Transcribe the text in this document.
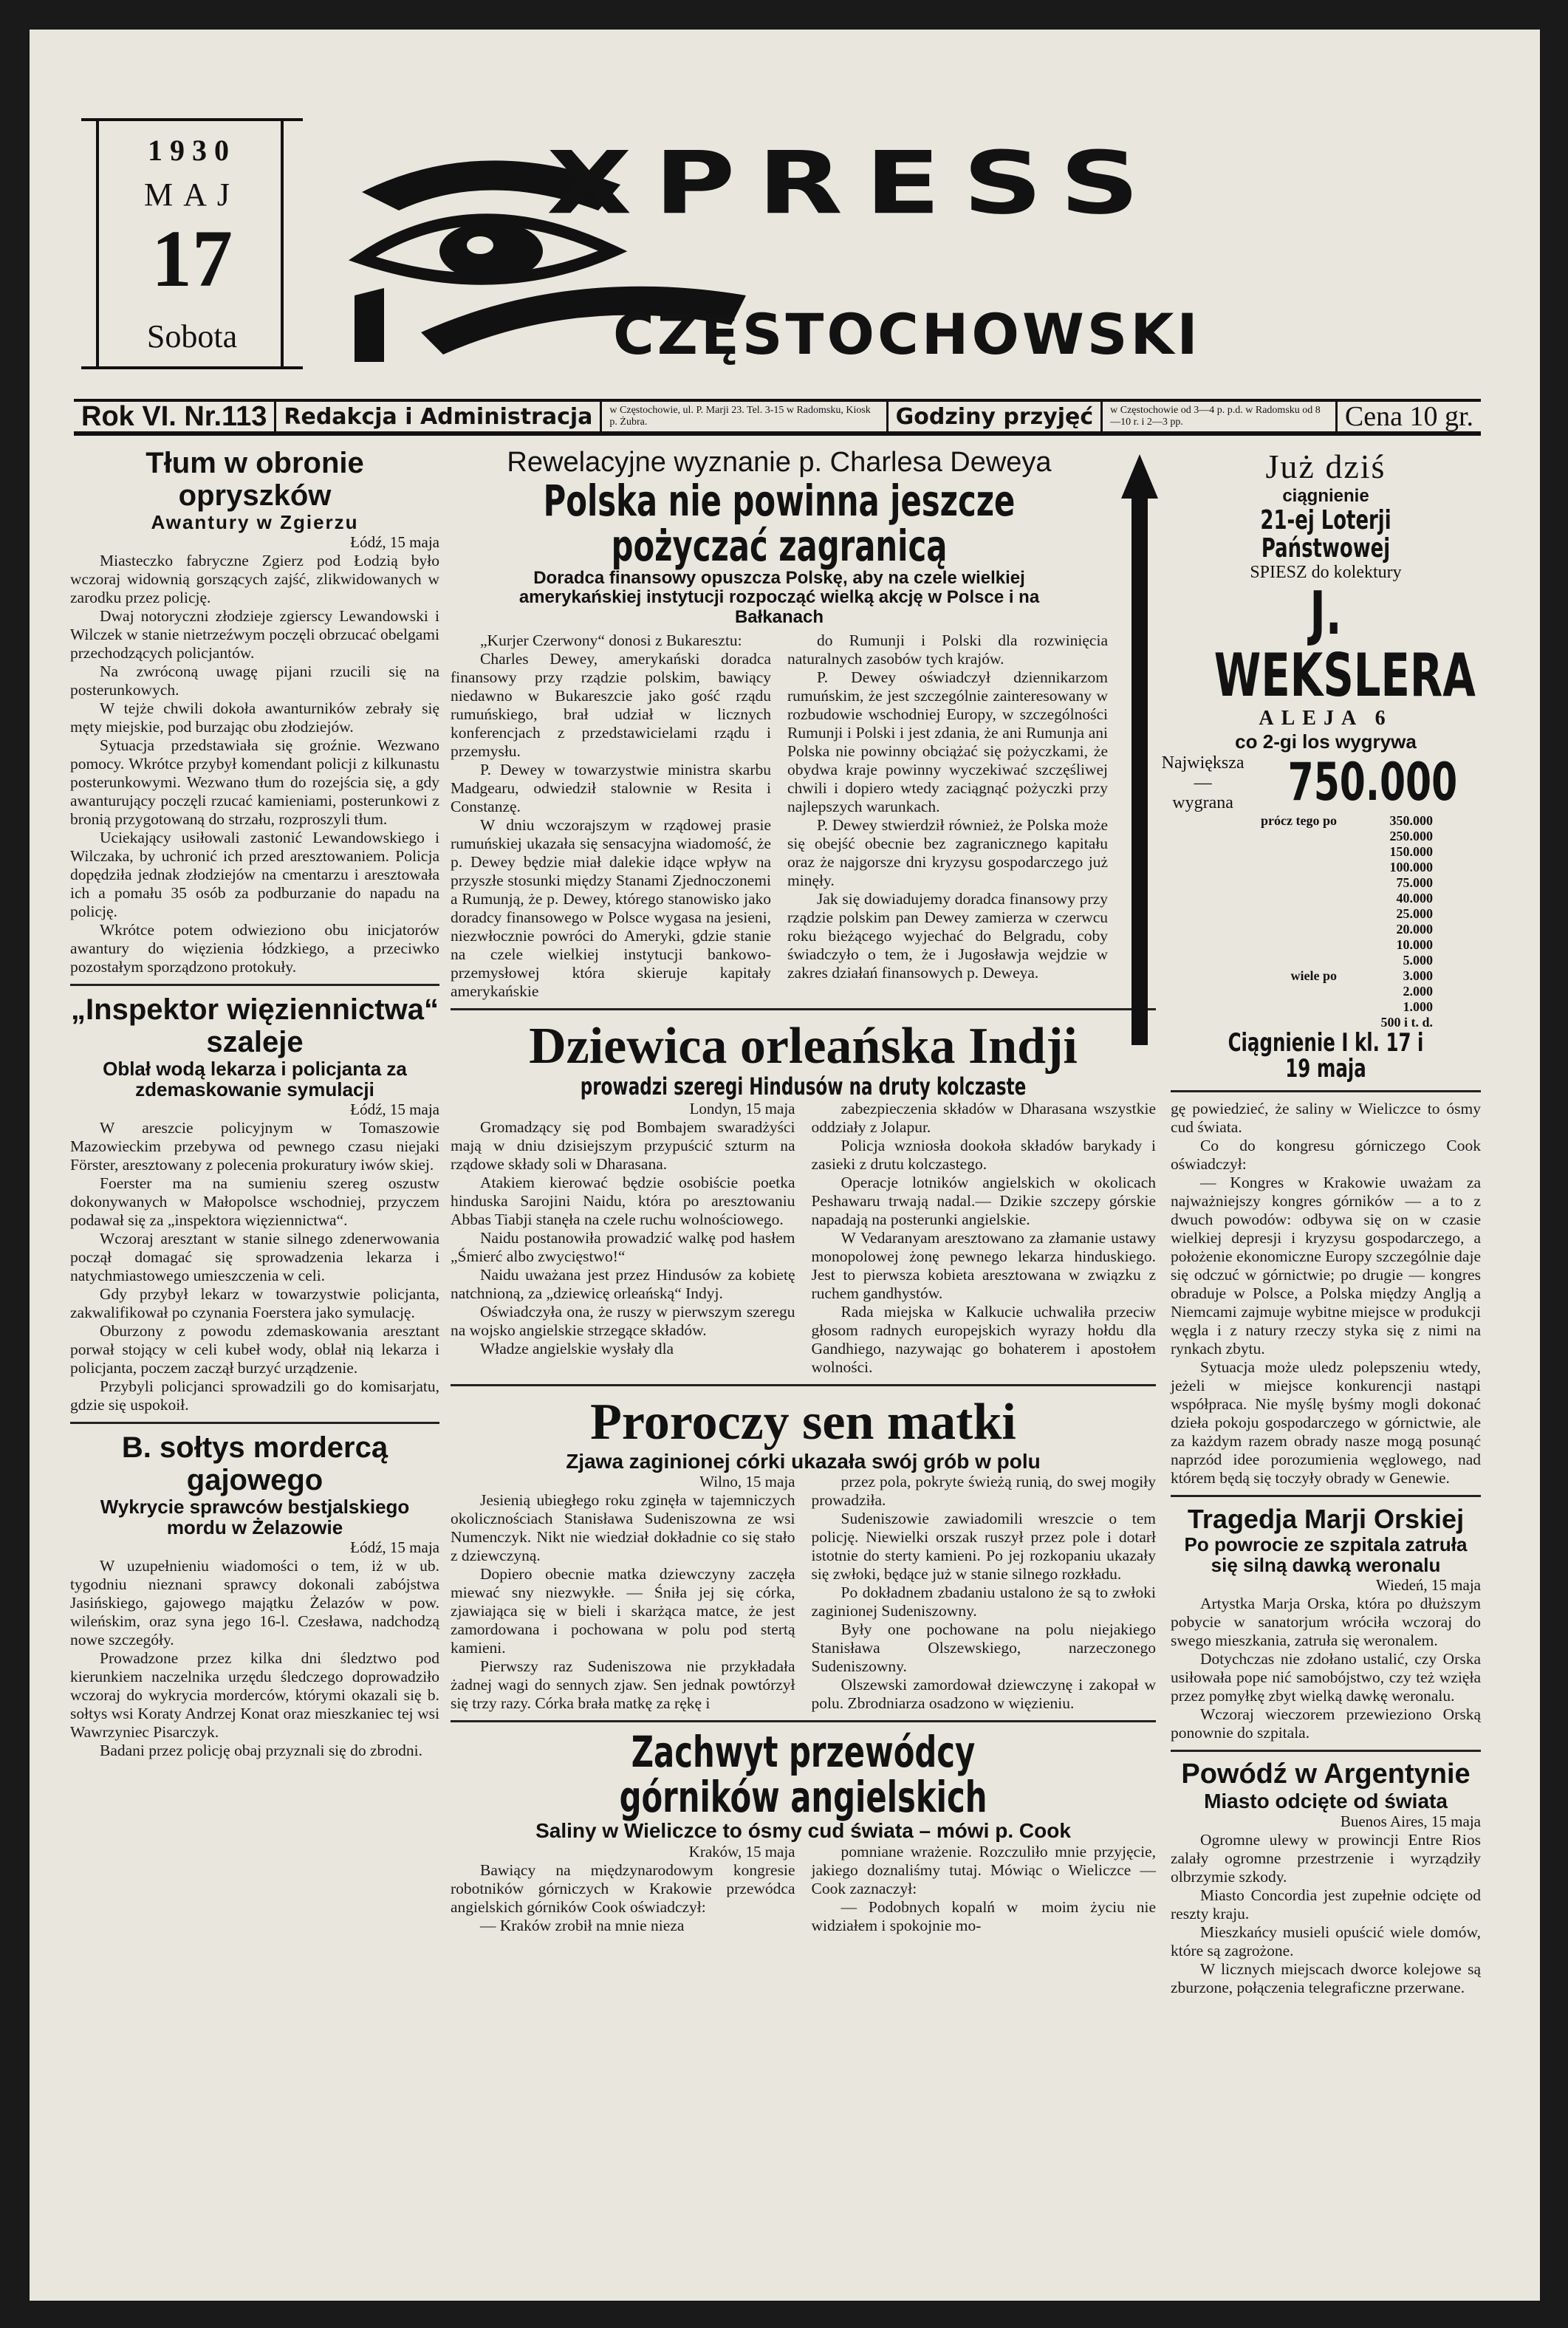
1930
MAJ
17
Sobota
XPRESS
CZĘSTOCHOWSKI
Rok VI. Nr.113 Redakcja i Administracja	w Częstochowie, ul. P. Marji 23. Tel. 3-15 w Radomsku, Kiosk p. Żubra.	Godziny przyjęć	w Częstochowie od 3—4 p. p.d. w Radomsku od 8—10 r. i 2—3 pp.	Cena 10 gr.
Tłum w obronie opryszków
Awantury w Zgierzu
Łódź, 15 maja

Miasteczko fabryczne Zgierz pod Łodzią było wczoraj widownią gorszących zajść, zlikwidowanych w zarodku przez policję.

Dwaj notoryczni złodzieje zgierscy Lewandowski i Wilczek w stanie nietrzeźwym poczęli obrzucać obelgami przechodzących policjantów.

Na zwróconą uwagę pijani rzucili się na posterunkowych.

W tejże chwili dokoła awanturników zebrały się męty miejskie, pod burzając obu złodziejów.

Sytuacja przedstawiała się groźnie. Wezwano pomocy. Wkrótce przybył komendant policji z kilkunastu posterunkowymi. Wezwano tłum do rozejścia się, a gdy awanturujący poczęli rzucać kamieniami, posterunkowi z bronią przygotowaną do strzału, rozproszyli tłum.

Uciekający usiłowali zastonić Lewandowskiego i Wilczaka, by uchronić ich przed aresztowaniem. Policja dopędziła jednak złodziejów na cmentarzu i aresztowała ich a pomału 35 osób za podburzanie do napadu na policję.

Wkrótce potem odwieziono obu inicjatorów awantury do więzienia łódzkiego, a przeciwko pozostałym sporządzono protokuły.

„Inspektor więziennictwa“ szaleje
Oblał wodą lekarza i policjanta za zdemaskowanie symulacji
Łódź, 15 maja

W areszcie policyjnym w Tomaszowie Mazowieckim przebywa od pewnego czasu niejaki Förster, aresztowany z polecenia prokuratury iwów skiej.

Foerster ma na sumieniu szereg oszustw dokonywanych w Małopolsce wschodniej, przyczem podawał się za „inspektora więziennictwa“.

Wczoraj aresztant w stanie silnego zdenerwowania począł domagać się sprowadzenia lekarza i natychmiastowego umieszczenia w celi.

Gdy przybył lekarz w towarzystwie policjanta, zakwalifikował po czynania Foerstera jako symulację.

Oburzony z powodu zdemaskowania aresztant porwał stojący w celi kubeł wody, oblał nią lekarza i policjanta, poczem zaczął burzyć urządzenie.

Przybyli policjanci sprowadzili go do komisarjatu, gdzie się uspokoił.

B. sołtys mordercą gajowego
Wykrycie sprawców bestjalskiego mordu w Żelazowie
Łódź, 15 maja

W uzupełnieniu wiadomości o tem, iż w ub. tygodniu nieznani sprawcy dokonali zabójstwa Jasińskiego, gajowego majątku Żelazów w pow. wileńskim, oraz syna jego 16-l. Czesława, nadchodzą nowe szczegóły.

Prowadzone przez kilka dni śledztwo pod kierunkiem naczelnika urzędu śledczego doprowadziło wczoraj do wykrycia morderców, którymi okazali się b. sołtys wsi Koraty Andrzej Konat oraz mieszkaniec tej wsi Wawrzyniec Pisarczyk.

Badani przez policję obaj przyznali się do zbrodni.

Rewelacyjne wyznanie p. Charlesa Deweya
Polska nie powinna jeszcze pożyczać zagranicą
Doradca finansowy opuszcza Polskę, aby na czele wielkiej amerykańskiej instytucji rozpocząć wielką akcję w Polsce i na Bałkanach

„Kurjer Czerwony“ donosi z Bukaresztu:

Charles Dewey, amerykański doradca finansowy przy rządzie polskim, bawiący niedawno w Bukareszcie jako gość rządu rumuńskiego, brał udział w licznych konferencjach z przedstawicielami rządu i przemysłu.

P. Dewey w towarzystwie ministra skarbu Madgearu, odwiedził stalownie w Resita i Constanzę.

W dniu wczorajszym w rządowej prasie rumuńskiej ukazała się sensacyjna wiadomość, że p. Dewey będzie miał dalekie idące wpływ na przyszłe stosunki między Stanami Zjednoczonemi a Rumunją, że p. Dewey, którego stanowisko jako doradcy finansowego w Polsce wygasa na jesieni, niezwłocznie powróci do Ameryki, gdzie stanie na czele wielkiej instytucji bankowo-przemysłowej która skieruje kapitały amerykańskie

do Rumunji i Polski dla rozwinięcia naturalnych zasobów tych krajów.

P. Dewey oświadczył dziennikarzom rumuńskim, że jest szczególnie zainteresowany w rozbudowie wschodniej Europy, w szczególności Rumunji i Polski i jest zdania, że ani Rumunja ani Polska nie powinny obciążać się pożyczkami, że obydwa kraje powinny wyczekiwać szczęśliwej chwili i dopiero wtedy zaciągnąć pożyczki przy najlepszych warunkach.

P. Dewey stwierdził również, że Polska może się obejść obecnie bez zagranicznego kapitału oraz że najgorsze dni kryzysu gospodarczego już minęły.

Jak się dowiadujemy doradca finansowy przy rządzie polskim pan Dewey zamierza w czerwcu roku bieżącego wyjechać do Belgradu, coby świadczyło o tem, że i Jugosławja wejdzie w zakres działań finansowych p. Deweya.

Dziewica orleańska Indji
prowadzi szeregi Hindusów na druty kolczaste
Londyn, 15 maja

Gromadzący się pod Bombajem swaradżyści mają w dniu dzisiejszym przypuścić szturm na rządowe składy soli w Dharasana.

Atakiem kierować będzie osobiście poetka hinduska Sarojini Naidu, która po aresztowaniu Abbas Tiabji stanęła na czele ruchu wolnościowego.

Naidu postanowiła prowadzić walkę pod hasłem „Śmierć albo zwycięstwo!“

Naidu uważana jest przez Hindusów za kobietę natchnioną, za „dziewicę orleańską“ Indyj.

Oświadczyła ona, że ruszy w pierwszym szeregu na wojsko angielskie strzegące składów.

Władze angielskie wysłały dla

zabezpieczenia składów w Dharasana wszystkie oddziały z Jolapur.

Policja wzniosła dookoła składów barykady i zasieki z drutu kolczastego.

Operacje lotników angielskich w okolicach Peshawaru trwają nadal.— Dzikie szczepy górskie napadają na posterunki angielskie.

W Vedaranyam aresztowano za złamanie ustawy monopolowej żonę pewnego lekarza hinduskiego. Jest to pierwsza kobieta aresztowana w związku z ruchem gandhystów.

Rada miejska w Kalkucie uchwaliła przeciw głosom radnych europejskich wyrazy hołdu dla Gandhiego, nazywając go bohaterem i apostołem wolności.

Proroczy sen matki
Zjawa zaginionej córki ukazała swój grób w polu
Wilno, 15 maja

Jesienią ubiegłego roku zginęła w tajemniczych okolicznościach Stanisława Sudeniszowna ze wsi Numenczyk. Nikt nie wiedział dokładnie co się stało z dziewczyną.

Dopiero obecnie matka dziewczyny zaczęła miewać sny niezwykłe. — Śniła jej się córka, zjawiająca się w bieli i skarżąca matce, że jest zamordowana i pochowana w polu pod stertą kamieni.

Pierwszy raz Sudeniszowa nie przykładała żadnej wagi do sennych zjaw. Sen jednak powtórzył się trzy razy. Córka brała matkę za rękę i

przez pola, pokryte świeżą runią, do swej mogiły prowadziła.

Sudeniszowie zawiadomili wreszcie o tem policję. Niewielki orszak ruszył przez pole i dotarł istotnie do sterty kamieni. Po jej rozkopaniu ukazały się zwłoki, będące już w stanie silnego rozkładu.

Po dokładnem zbadaniu ustalono że są to zwłoki zaginionej Sudeniszowny.

Były one pochowane na polu niejakiego Stanisława Olszewskiego, narzeczonego Sudeniszowny.

Olszewski zamordował dziewczynę i zakopał w polu. Zbrodniarza osadzono w więzieniu.

Zachwyt przewódcy górników angielskich
Saliny w Wieliczce to ósmy cud świata – mówi p. Cook
Kraków, 15 maja

Bawiący na międzynarodowym kongresie robotników górniczych w Krakowie przewódca angielskich górników Cook oświadczył:

— Kraków zrobił na mnie niezа

pomniane wrażenie. Rozczuliło mnie przyjęcie, jakiego doznaliśmy tutaj. Mówiąc o Wieliczce — Cook zaznaczył:

— Podobnych kopalń w moim życiu nie widziałem i spokojnie mo-

Już dziś
ciągnienie
21-ej Loterji Państwowej
SPIESZ do kolektury
J. WEKSLERA
ALEJA 6
co 2-gi los wygrywa
Największa — wygrana 750.000
prócz tego po	350.000
250.000
150.000
100.000
75.000
40.000
25.000
20.000
10.000
5.000
wiele po	3.000
2.000
1.000
500 i t. d.
Ciągnienie I kl. 17 i 19 maja

gę powiedzieć, że saliny w Wieliczce to ósmy cud świata.

Co do kongresu górniczego Cook oświadczył:

— Kongres w Krakowie uważam za najważniejszy kongres górników — a to z dwuch powodów: odbywa się on w czasie wielkiej depresji i kryzysu gospodarczego, a położenie ekonomiczne Europy szczególnie daje się odczuć w górnictwie; po drugie — kongres obraduje w Polsce, a Polska między Anglją a Niemcami zajmuje wybitne miejsce w produkcji węgla i z natury rzeczy styka się z nimi na rynkach zbytu.

Sytuacja może uledz polepszeniu wtedy, jeżeli w miejsce konkurencji nastąpi współpraca. Nie myślę byśmy mogli dokonać dzieła pokoju gospodarczego w górnictwie, ale za każdym razem obrady nasze mogą posunąć naprzód idee porozumienia węglowego, nad którem będą się toczyły obrady w Genewie.

Tragedja Marji Orskiej
Po powrocie ze szpitala zatruła się silną dawką weronalu
Wiedeń, 15 maja

Artystka Marja Orska, która po dłuższym pobycie w sanatorjum wróciła wczoraj do swego mieszkania, zatruła się weronalem.

Dotychczas nie zdołano ustalić, czy Orska usiłowała pope nić samobójstwo, czy też wzięła przez pomyłkę zbyt wielką dawkę weronalu.

Wczoraj wieczorem przewieziono Orską ponownie do szpitala.

Powódź w Argentynie
Miasto odcięte od świata
Buenos Aires, 15 maja

Ogromne ulewy w prowincji Entre Rios zalały ogromne przestrzenie i wyrządziły olbrzymie szkody.

Miasto Concordia jest zupełnie odcięte od reszty kraju.

Mieszkańcy musieli opuścić wiele domów, które są zagrożone.

W licznych miejscach dworce kolejowe są zburzone, połączenia telegraficzne przerwane.
